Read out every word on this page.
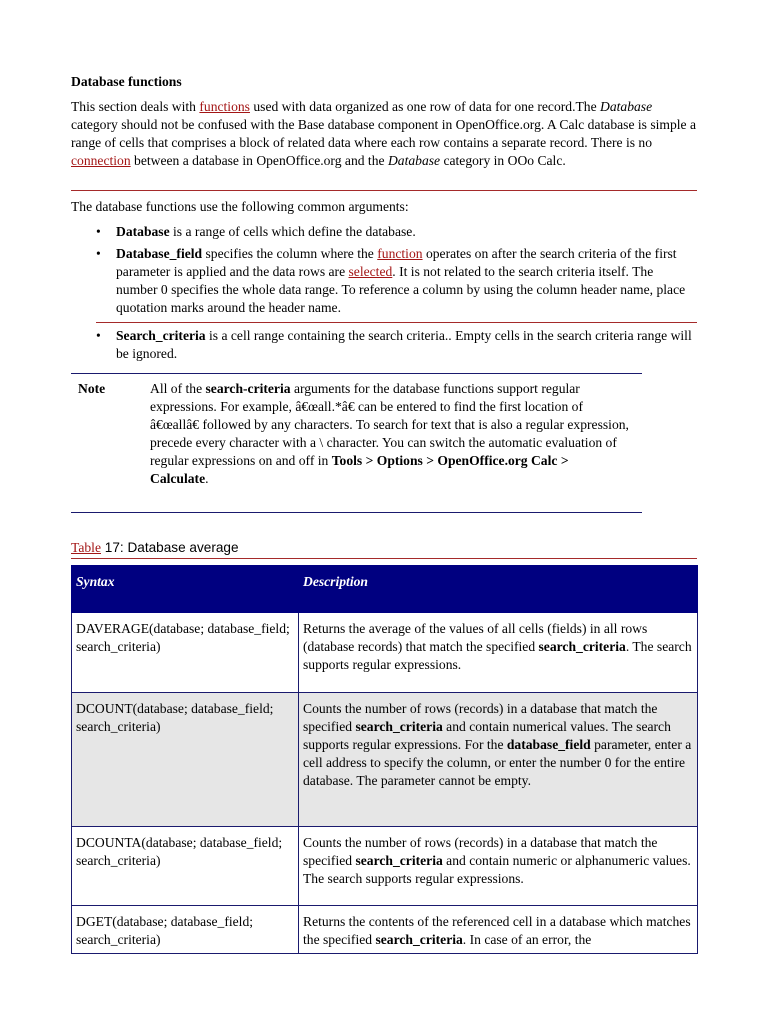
Database functions
This section deals with functions used with data organized as one row of data for one record.The Database category should not be confused with the Base database component in OpenOffice.org. A Calc database is simple a range of cells that comprises a block of related data where each row contains a separate record. There is no connection between a database in OpenOffice.org and the Database category in OOo Calc.
The database functions use the following common arguments:
• Database is a range of cells which define the database.
• Database_field specifies the column where the function operates on after the search criteria of the first parameter is applied and the data rows are selected. It is not related to the search criteria itself. The number 0 specifies the whole data range. To reference a column by using the column header name, place quotation marks around the header name.
• Search_criteria is a cell range containing the search criteria.. Empty cells in the search criteria range will be ignored.
Note	All of the search-criteria arguments for the database functions support regular expressions. For example, â€œall.*â€ can be entered to find the first location of â€œallâ€ followed by any characters. To search for text that is also a regular expression, precede every character with a \ character. You can switch the automatic evaluation of regular expressions on and off in Tools > Options > OpenOffice.org Calc > Calculate.
Table 17: Database average
Syntax	Description
DAVERAGE(database; database_field; search_criteria)	Returns the average of the values of all cells (fields) in all rows (database records) that match the specified search_criteria. The search supports regular expressions.
DCOUNT(database; database_field; search_criteria)	Counts the number of rows (records) in a database that match the specified search_criteria and contain numerical values. The search supports regular expressions. For the database_field parameter, enter a cell address to specify the column, or enter the number 0 for the entire database. The parameter cannot be empty.
DCOUNTA(database; database_field; search_criteria)	Counts the number of rows (records) in a database that match the specified search_criteria and contain numeric or alphanumeric values. The search supports regular expressions.
DGET(database; database_field; search_criteria)	Returns the contents of the referenced cell in a database which matches the specified search_criteria. In case of an error, the
